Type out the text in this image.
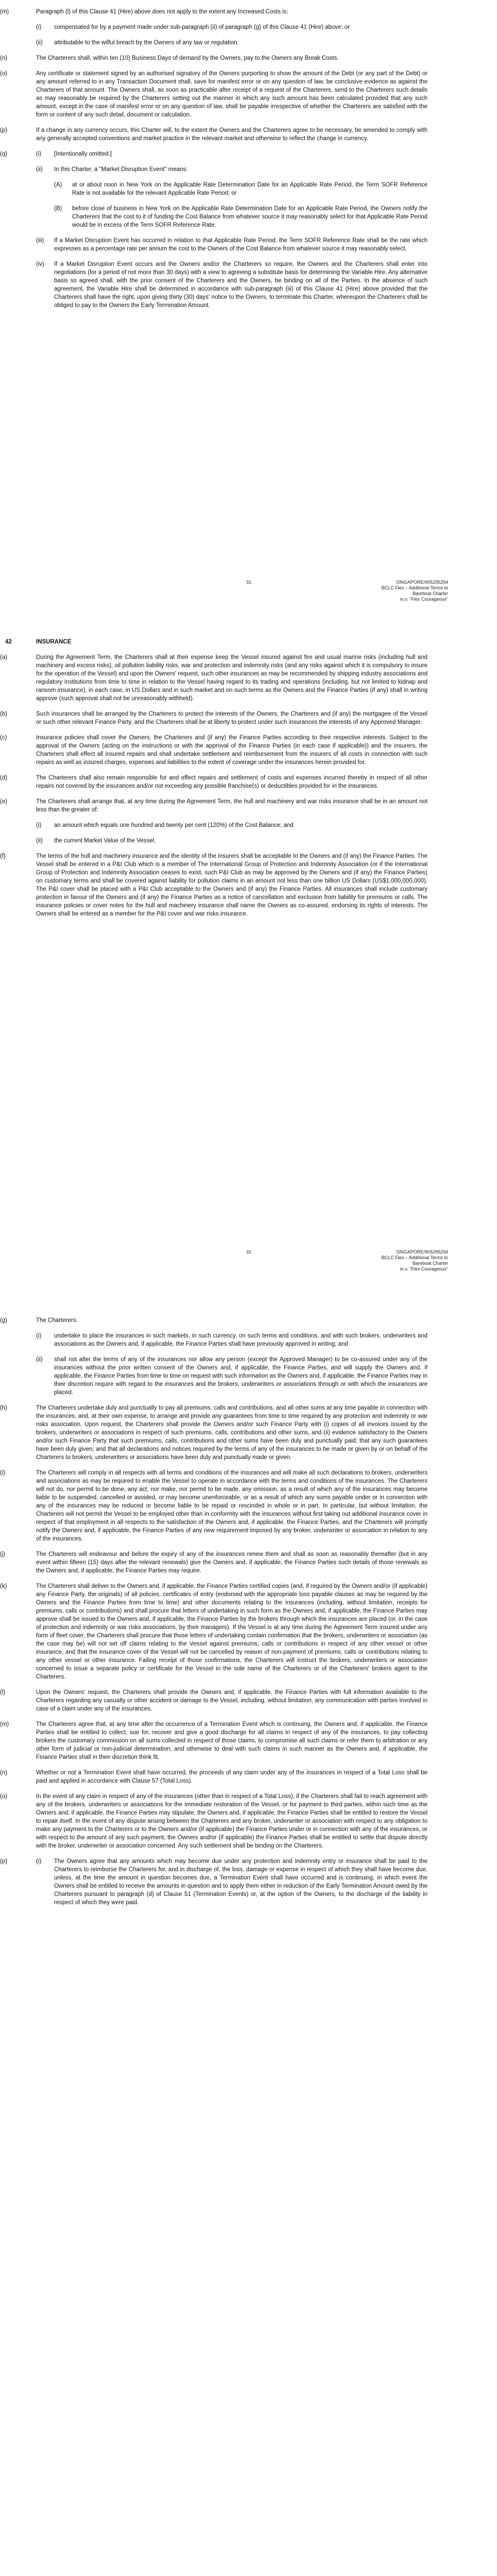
(m)	Paragraph (l) of this Clause 41 (Hire) above does not apply to the extent any Increased Costs is:
(i)	compensated for by a payment made under sub-paragraph (ii) of paragraph (g) of this Clause 41 (Hire) above; or
(ii)	attributable to the wilful breach by the Owners of any law or regulation.
(n)	The Charterers shall, within ten (10) Business Days of demand by the Owners, pay to the Owners any Break Costs.
(o)	Any certificate or statement signed by an authorised signatory of the Owners purporting to show the amount of the Debt (or any part of the Debt) or any amount referred to in any Transaction Document shall, save for manifest error or on any question of law, be conclusive evidence as against the Charterers of that amount. The Owners shall, as soon as practicable after receipt of a request of the Charterers, send to the Charterers such details as may reasonably be required by the Charterers setting out the manner in which any such amount has been calculated provided that any such amount, except in the case of manifest error or on any question of law, shall be payable irrespective of whether the Charterers are satisfied with the form or content of any such detail, document or calculation.
(p)	If a change in any currency occurs, this Charter will, to the extent the Owners and the Charterers agree to be necessary, be amended to comply with any generally accepted conventions and market practice in the relevant market and otherwise to reflect the change in currency.
(q)	(i)	[Intentionally omitted.]
(ii)	In this Charter, a "Market Disruption Event" means:
(A)	at or about noon in New York on the Applicable Rate Determination Date for an Applicable Rate Period, the Term SOFR Reference Rate is not available for the relevant Applicable Rate Period; or
(B)	before close of business in New York on the Applicable Rate Determination Date for an Applicable Rate Period, the Owners notify the Charterers that the cost to it of funding the Cost Balance from whatever source it may reasonably select for that Applicable Rate Period would be in excess of the Term SOFR Reference Rate.
(iii)	If a Market Disruption Event has occurred in relation to that Applicable Rate Period, the Term SOFR Reference Rate shall be the rate which expresses as a percentage rate per annum the cost to the Owners of the Cost Balance from whatever source it may reasonably select.
(iv)	If a Market Disruption Event occurs and the Owners and/or the Charterers so require, the Owners and the Charterers shall enter into negotiations (for a period of not more than 30 days) with a view to agreeing a substitute basis for determining the Variable Hire. Any alternative basis so agreed shall, with the prior consent of the Charterers and the Owners, be binding on all of the Parties. In the absence of such agreement, the Variable Hire shall be determined in accordance with sub-paragraph (iii) of this Clause 41 (Hire) above provided that the Charterers shall have the right, upon giving thirty (30) days' notice to the Owners, to terminate this Charter, whereupon the Charterers shall be obliged to pay to the Owners the Early Termination Amount.
31	SINGAPORE/905295294
BCLC Flex – Additional Terms to Bareboat Charter
m.v. "Flex Courageous"
42	INSURANCE
(a)	During the Agreement Term, the Charterers shall at their expense keep the Vessel insured against fire and usual marine risks (including hull and machinery and excess risks), oil pollution liability risks, war and protection and indemnity risks (and any risks against which it is compulsory to insure for the operation of the Vessel) and upon the Owners' request, such other insurances as may be recommended by shipping industry associations and regulatory institutions from time to time in relation to the Vessel having regard to its trading and operations (including, but not limited to kidnap and ransom insurance), in each case, in US Dollars and in such market and on such terms as the Owners and the Finance Parties (if any) shall in writing approve (such approval shall not be unreasonably withheld).
(b)	Such insurances shall be arranged by the Charterers to protect the interests of the Owners, the Charterers and (if any) the mortgagee of the Vessel or such other relevant Finance Party, and the Charterers shall be at liberty to protect under such insurances the interests of any Approved Manager.
(c)	Insurance policies shall cover the Owners, the Charterers and (if any) the Finance Parties according to their respective interests. Subject to the approval of the Owners (acting on the instructions or with the approval of the Finance Parties (in each case if applicable)) and the insurers, the Charterers shall effect all insured repairs and shall undertake settlement and reimbursement from the insurers of all costs in connection with such repairs as well as insured charges, expenses and liabilities to the extent of coverage under the insurances herein provided for.
(d)	The Charterers shall also remain responsible for and effect repairs and settlement of costs and expenses incurred thereby in respect of all other repairs not covered by the insurances and/or not exceeding any possible franchise(s) or deductibles provided for in the insurances.
(e)	The Charterers shall arrange that, at any time during the Agreement Term, the hull and machinery and war risks insurance shall be in an amount not less than the greater of:
(i)	an amount which equals one hundred and twenty per cent (120%) of the Cost Balance; and
(ii)	the current Market Value of the Vessel.
(f)	The terms of the hull and machinery insurance and the identity of the insurers shall be acceptable to the Owners and (if any) the Finance Parties. The Vessel shall be entered in a P&I Club which is a member of The International Group of Protection and Indemnity Association (or if the International Group of Protection and Indemnity Association ceases to exist, such P&I Club as may be approved by the Owners and (if any) the Finance Parties) on customary terms and shall be covered against liability for pollution claims in an amount not less than one billion US Dollars (US$1,000,000,000). The P&I cover shall be placed with a P&I Club acceptable to the Owners and (if any) the Finance Parties. All insurances shall include customary protection in favour of the Owners and (if any) the Finance Parties as a notice of cancellation and exclusion from liability for premiums or calls. The insurance policies or cover notes for the hull and machinery insurance shall name the Owners as co-assured, endorsing its rights of interests. The Owners shall be entered as a member for the P&I cover and war risks insurance.
31	SINGAPORE/905295294
BCLC Flex – Additional Terms to Bareboat Charter
m.v. "Flex Courageous"
(g)	The Charterers:
(i)	undertake to place the insurances in such markets, in such currency, on such terms and conditions, and with such brokers, underwriters and associations as the Owners and, if applicable, the Finance Parties shall have previously approved in writing; and
(ii)	shall not alter the terms of any of the insurances nor allow any person (except the Approved Manager) to be co-assured under any of the insurances without the prior written consent of the Owners and, if applicable, the Finance Parties, and will supply the Owners and, if applicable, the Finance Parties from time to time on request with such information as the Owners and, if applicable, the Finance Parties may in their discretion require with regard to the insurances and the brokers, underwriters or associations through or with which the insurances are placed.
(h)	The Charterers undertake duly and punctually to pay all premiums, calls and contributions, and all other sums at any time payable in connection with the insurances, and, at their own expense, to arrange and provide any guarantees from time to time required by any protection and indemnity or war risks association. Upon request, the Charterers shall provide the Owners and/or such Finance Party with (i) copies of all invoices issued by the brokers, underwriters or associations in respect of such premiums, calls, contributions and other sums, and (ii) evidence satisfactory to the Owners and/or such Finance Party that such premiums, calls, contributions and other sums have been duly and punctually paid; that any such guarantees have been duly given; and that all declarations and notices required by the terms of any of the insurances to be made or given by or on behalf of the Charterers to brokers, underwriters or associations have been duly and punctually made or given.
(i)	The Charterers will comply in all respects with all terms and conditions of the insurances and will make all such declarations to brokers, underwriters and associations as may be required to enable the Vessel to operate in accordance with the terms and conditions of the insurances. The Charterers will not do, nor permit to be done, any act, nor make, nor permit to be made, any omission, as a result of which any of the insurances may become liable to be suspended, cancelled or avoided, or may become unenforceable, or as a result of which any sums payable under or in connection with any of the insurances may be reduced or become liable to be repaid or rescinded in whole or in part. In particular, but without limitation, the Charterers will not permit the Vessel to be employed other than in conformity with the insurances without first taking out additional insurance cover in respect of that employment in all respects to the satisfaction of the Owners and, if applicable, the Finance Parties, and the Charterers will promptly notify the Owners and, if applicable, the Finance Parties of any new requirement imposed by any broker, underwriter or association in relation to any of the insurances.
(j)	The Charterers will endeavour and before the expiry of any of the insurances renew them and shall as soon as reasonably thereafter (but in any event within fifteen (15) days after the relevant renewals) give the Owners and, if applicable, the Finance Parties such details of those renewals as the Owners and, if applicable, the Finance Parties may require.
(k)	The Charterers shall deliver to the Owners and, if applicable, the Finance Parties certified copies (and, if required by the Owners and/or (if applicable) any Finance Party, the originals) of all policies, certificates of entry (endorsed with the appropriate loss payable clauses as may be required by the Owners and the Finance Parties from time to time) and other documents relating to the insurances (including, without limitation, receipts for premiums, calls or contributions) and shall procure that letters of undertaking in such form as the Owners and, if applicable, the Finance Parties may approve shall be issued to the Owners and, if applicable, the Finance Parties by the brokers through which the insurances are placed (or, in the case of protection and indemnity or war risks associations, by their managers). If the Vessel is at any time during the Agreement Term insured under any form of fleet cover, the Charterers shall procure that those letters of undertaking contain confirmation that the brokers, underwriters or association (as the case may be) will not set off claims relating to the Vessel against premiums, calls or contributions in respect of any other vessel or other insurance, and that the insurance cover of the Vessel will not be cancelled by reason of non-payment of premiums, calls or contributions relating to any other vessel or other insurance. Failing receipt of those confirmations, the Charterers will instruct the brokers, underwriters or association concerned to issue a separate policy or certificate for the Vessel in the sole name of the Charterers or of the Charterers' brokers agent to the Charterers.
(l)	Upon the Owners' request, the Charterers shall provide the Owners and, if applicable, the Finance Parties with full information available to the Charterers regarding any casualty or other accident or damage to the Vessel, including, without limitation, any communication with parties involved in case of a claim under any of the insurances.
(m)	The Charterers agree that, at any time after the occurrence of a Termination Event which is continuing, the Owners and, if applicable, the Finance Parties shall be entitled to collect, sue for, recover and give a good discharge for all claims in respect of any of the insurances, to pay collecting brokers the customary commission on all sums collected in respect of those claims, to compromise all such claims or refer them to arbitration or any other form of judicial or non-judicial determination, and otherwise to deal with such claims in such manner as the Owners and, if applicable, the Finance Parties shall in their discretion think fit.
(n)	Whether or not a Termination Event shall have occurred, the proceeds of any claim under any of the insurances in respect of a Total Loss shall be paid and applied in accordance with Clause 57 (Total Loss).
(o)	In the event of any claim in respect of any of the insurances (other than in respect of a Total Loss), if the Charterers shall fail to reach agreement with any of the brokers, underwriters or associations for the immediate restoration of the Vessel, or for payment to third parties, within such time as the Owners and, if applicable, the Finance Parties may stipulate, the Owners and, if applicable, the Finance Parties shall be entitled to restore the Vessel to repair itself. In the event of any dispute arising between the Charterers and any broker, underwriter or association with respect to any obligation to make any payment to the Charterers or to the Owners and/or (if applicable) the Finance Parties under or in connection with any of the insurances, or with respect to the amount of any such payment, the Owners and/or (if applicable) the Finance Parties shall be entitled to settle that dispute directly with the broker, underwriter or association concerned. Any such settlement shall be binding on the Charterers.
(p)	(i)	The Owners agree that any amounts which may become due under any protection and indemnity entry or insurance shall be paid to the Charterers to reimburse the Charterers for, and in discharge of, the loss, damage or expense in respect of which they shall have become due, unless, at the time the amount in question becomes due, a Termination Event shall have occurred and is continuing, in which event the Owners shall be entitled to receive the amounts in question and to apply them either in reduction of the Early Termination Amount owed by the Charterers pursuant to paragraph (d) of Clause 51 (Termination Events) or, at the option of the Owners, to the discharge of the liability in respect of which they were paid.
